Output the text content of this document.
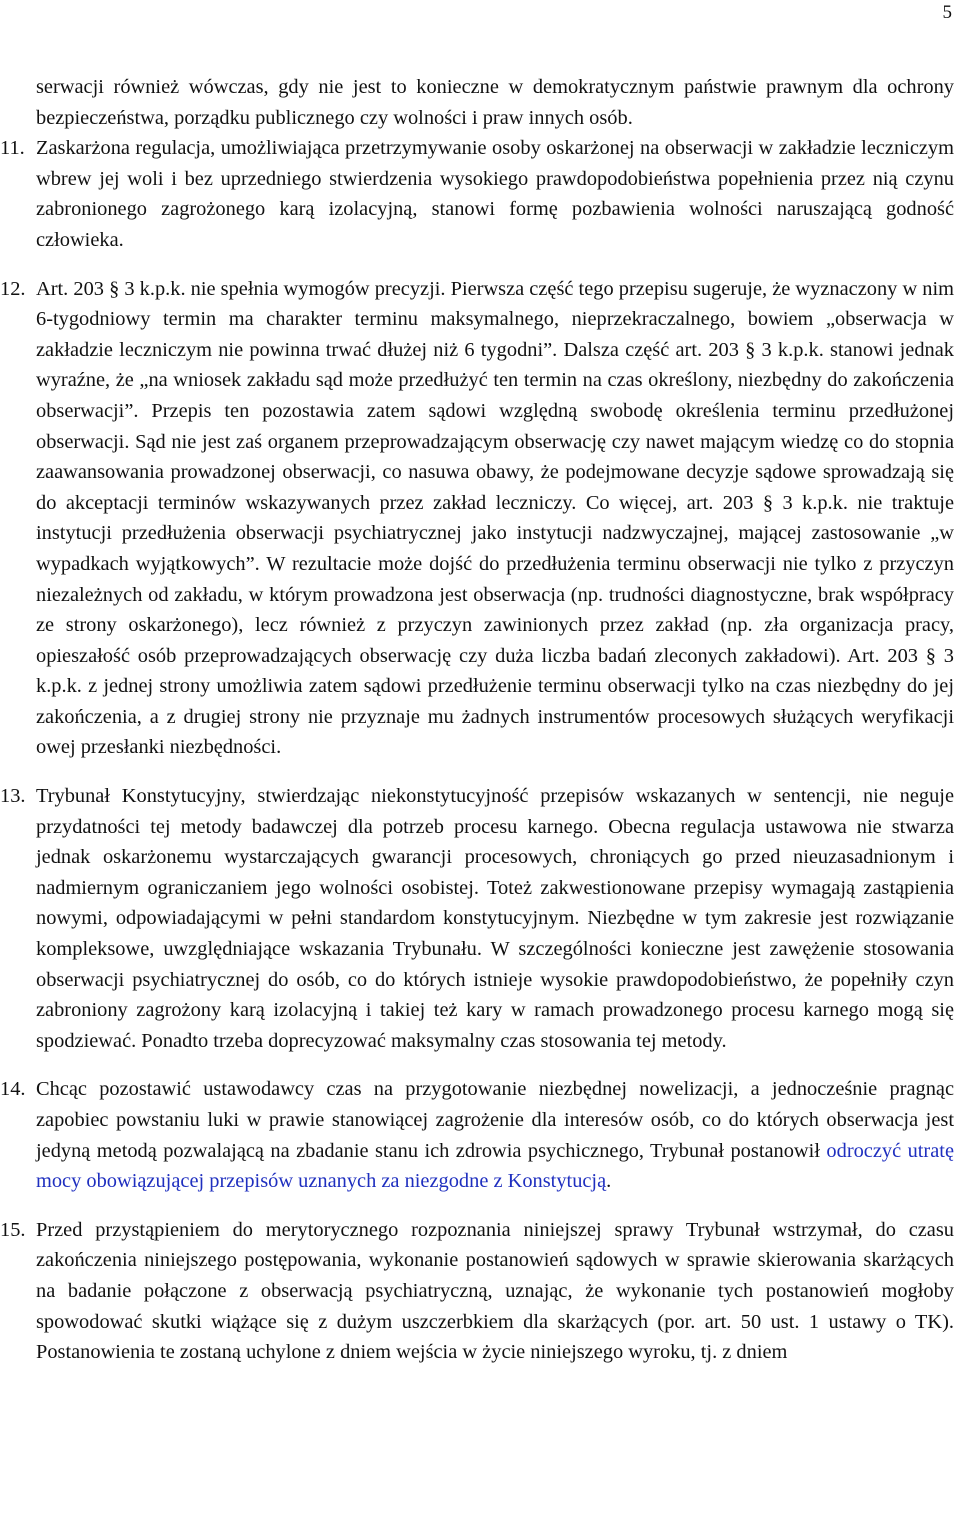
5

serwacji również wówczas, gdy nie jest to konieczne w demokratycznym państwie prawnym dla ochrony bezpieczeństwa, porządku publicznego czy wolności i praw innych osób.

11. Zaskarżona regulacja, umożliwiająca przetrzymywanie osoby oskarżonej na obserwacji w zakładzie leczniczym wbrew jej woli i bez uprzedniego stwierdzenia wysokiego prawdopodobieństwa popełnienia przez nią czynu zabronionego zagrożonego karą izolacyjną, stanowi formę pozbawienia wolności naruszającą godność człowieka.

12. Art. 203 § 3 k.p.k. nie spełnia wymogów precyzji. Pierwsza część tego przepisu sugeruje, że wyznaczony w nim 6-tygodniowy termin ma charakter terminu maksymalnego, nieprzekraczalnego, bowiem „obserwacja w zakładzie leczniczym nie powinna trwać dłużej niż 6 tygodni”. Dalsza część art. 203 § 3 k.p.k. stanowi jednak wyraźne, że „na wniosek zakładu sąd może przedłużyć ten termin na czas określony, niezbędny do zakończenia obserwacji”. Przepis ten pozostawia zatem sądowi względną swobodę określenia terminu przedłużonej obserwacji. Sąd nie jest zaś organem przeprowadzającym obserwację czy nawet mającym wiedzę co do stopnia zaawansowania prowadzonej obserwacji, co nasuwa obawy, że podejmowane decyzje sądowe sprowadzają się do akceptacji terminów wskazywanych przez zakład leczniczy. Co więcej, art. 203 § 3 k.p.k. nie traktuje instytucji przedłużenia obserwacji psychiatrycznej jako instytucji nadzwyczajnej, mającej zastosowanie „w wypadkach wyjątkowych”. W rezultacie może dojść do przedłużenia terminu obserwacji nie tylko z przyczyn niezależnych od zakładu, w którym prowadzona jest obserwacja (np. trudności diagnostyczne, brak współpracy ze strony oskarżonego), lecz również z przyczyn zawinionych przez zakład (np. zła organizacja pracy, opieszałość osób przeprowadzających obserwację czy duża liczba badań zleconych zakładowi). Art. 203 § 3 k.p.k. z jednej strony umożliwia zatem sądowi przedłużenie terminu obserwacji tylko na czas niezbędny do jej zakończenia, a z drugiej strony nie przyznaje mu żadnych instrumentów procesowych służących weryfikacji owej przesłanki niezbędności.

13. Trybunał Konstytucyjny, stwierdzając niekonstytucyjność przepisów wskazanych w sentencji, nie neguje przydatności tej metody badawczej dla potrzeb procesu karnego. Obecna regulacja ustawowa nie stwarza jednak oskarżonemu wystarczających gwarancji procesowych, chroniących go przed nieuzasadnionym i nadmiernym ograniczaniem jego wolności osobistej. Toteż zakwestionowane przepisy wymagają zastąpienia nowymi, odpowiadającymi w pełni standardom konstytucyjnym. Niezbędne w tym zakresie jest rozwiązanie kompleksowe, uwzględniające wskazania Trybunału. W szczególności konieczne jest zawężenie stosowania obserwacji psychiatrycznej do osób, co do których istnieje wysokie prawdopodobieństwo, że popełniły czyn zabroniony zagrożony karą izolacyjną i takiej też kary w ramach prowadzonego procesu karnego mogą się spodziewać. Ponadto trzeba doprecyzować maksymalny czas stosowania tej metody.

14. Chcąc pozostawić ustawodawcy czas na przygotowanie niezbędnej nowelizacji, a jednocześnie pragnąc zapobiec powstaniu luki w prawie stanowiącej zagrożenie dla interesów osób, co do których obserwacja jest jedyną metodą pozwalającą na zbadanie stanu ich zdrowia psychicznego, Trybunał postanowił odroczyć utratę mocy obowiązującej przepisów uznanych za niezgodne z Konstytucją.

15. Przed przystąpieniem do merytorycznego rozpoznania niniejszej sprawy Trybunał wstrzymał, do czasu zakończenia niniejszego postępowania, wykonanie postanowień sądowych w sprawie skierowania skarżących na badanie połączone z obserwacją psychiatryczną, uznając, że wykonanie tych postanowień mogłoby spowodować skutki wiążące się z dużym uszczerbkiem dla skarżących (por. art. 50 ust. 1 ustawy o TK). Postanowienia te zostaną uchylone z dniem wejścia w życie niniejszego wyroku, tj. z dniem
